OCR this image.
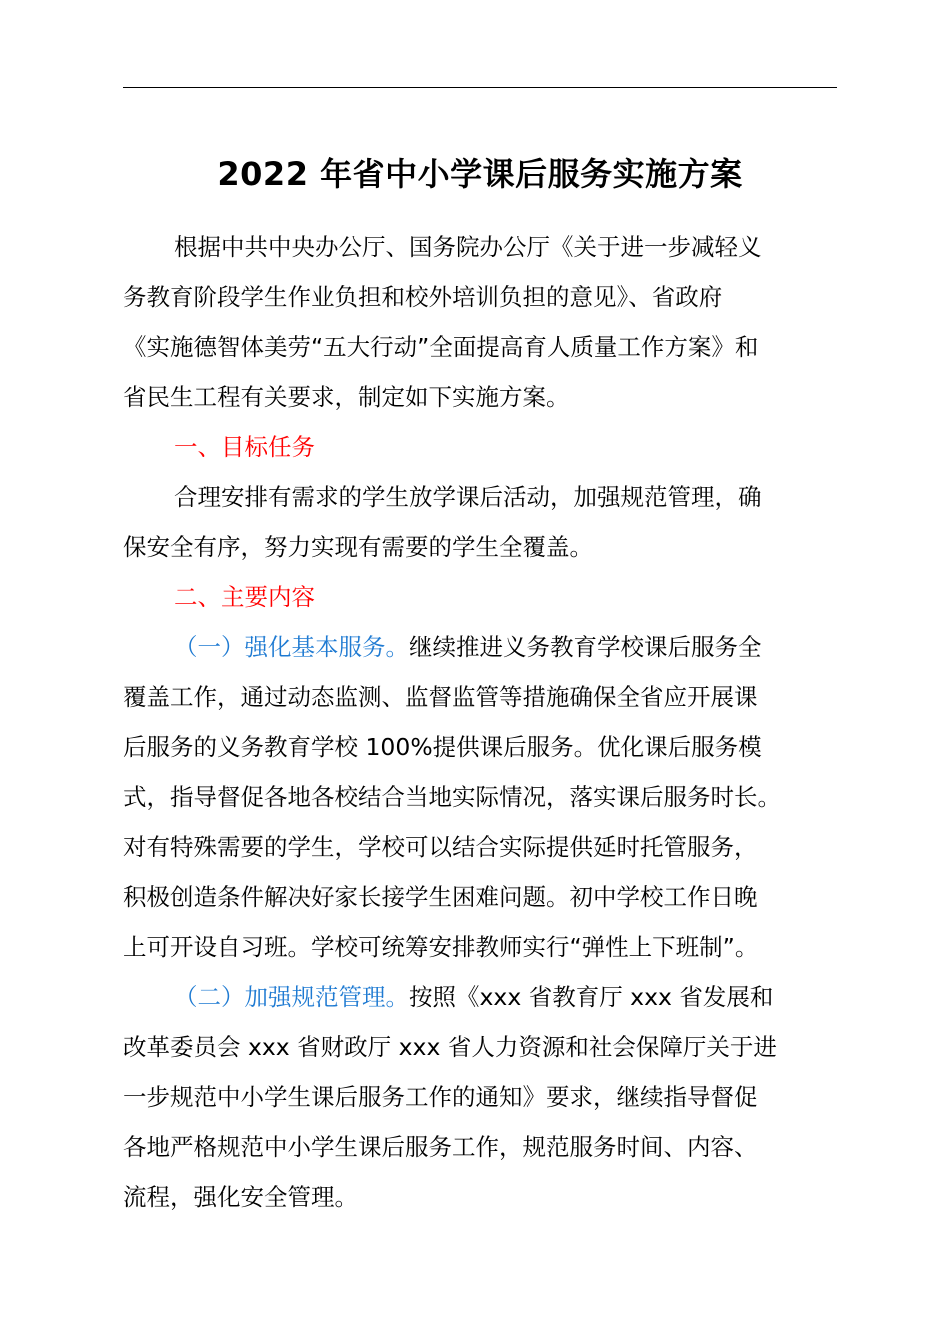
2022 年省中小学课后服务实施方案
根据中共中央办公厅、国务院办公厅《关于进一步减轻义
务教育阶段学生作业负担和校外培训负担的意见》、省政府
《实施德智体美劳“五大行动”全面提高育人质量工作方案》和
省民生工程有关要求，制定如下实施方案。
一、目标任务
合理安排有需求的学生放学课后活动，加强规范管理，确
保安全有序，努力实现有需要的学生全覆盖。
二、主要内容
（一）强化基本服务。继续推进义务教育学校课后服务全
覆盖工作，通过动态监测、监督监管等措施确保全省应开展课
后服务的义务教育学校 100%提供课后服务。优化课后服务模
式，指导督促各地各校结合当地实际情况，落实课后服务时长。
对有特殊需要的学生，学校可以结合实际提供延时托管服务，
积极创造条件解决好家长接学生困难问题。初中学校工作日晚
上可开设自习班。学校可统筹安排教师实行“弹性上下班制”。
（二）加强规范管理。按照《xxx 省教育厅 xxx 省发展和
改革委员会 xxx 省财政厅 xxx 省人力资源和社会保障厅关于进
一步规范中小学生课后服务工作的通知》要求，继续指导督促
各地严格规范中小学生课后服务工作，规范服务时间、内容、
流程，强化安全管理。
